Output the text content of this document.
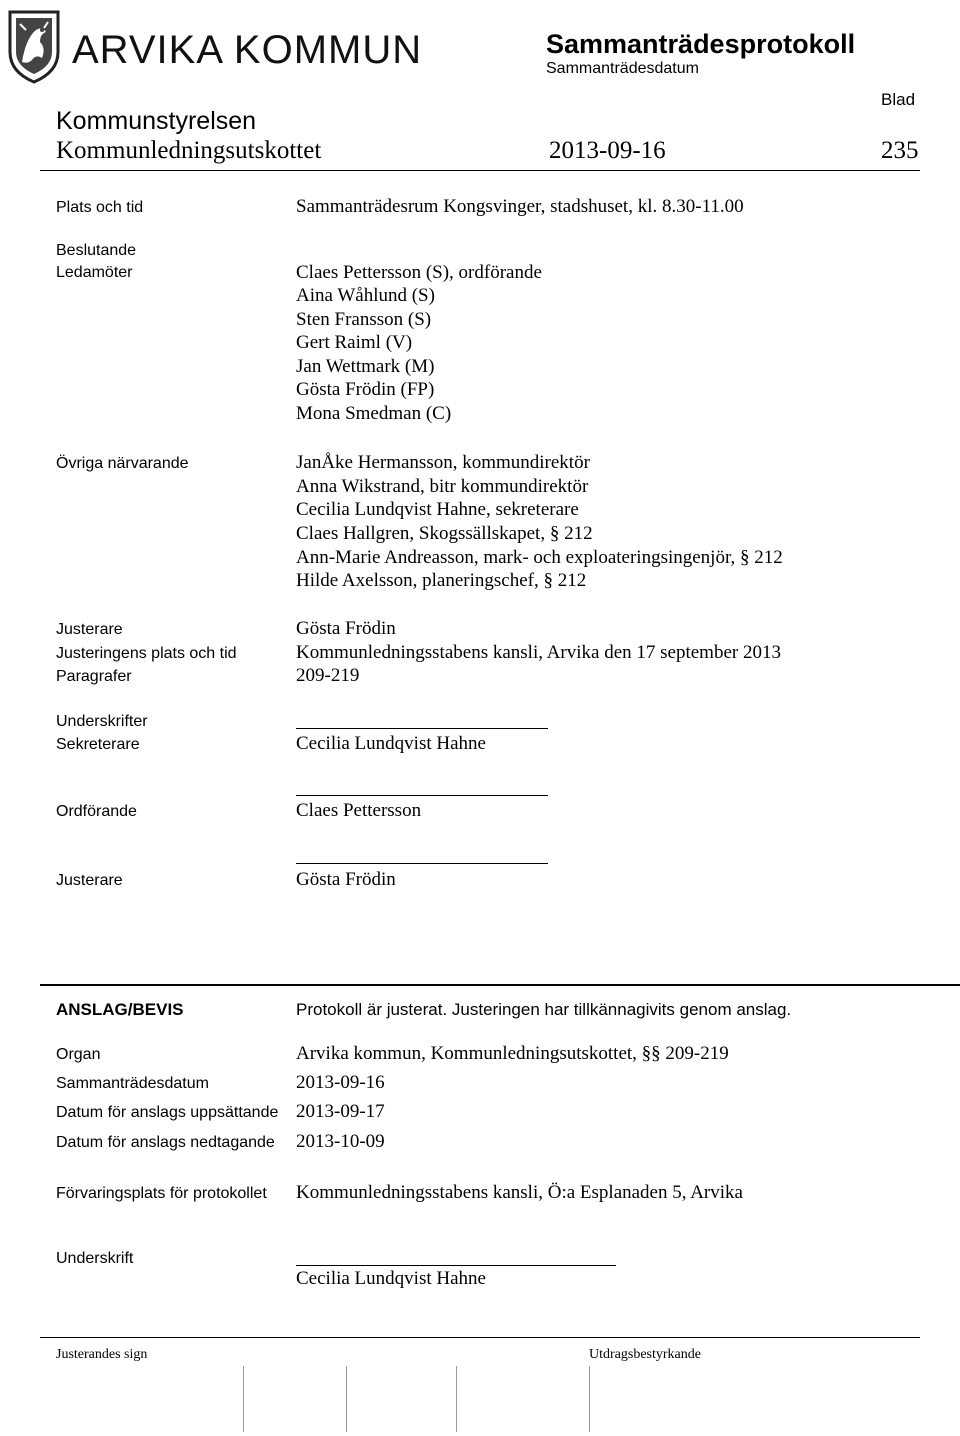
ARVIKA KOMMUN	Sammanträdesprotokoll
Sammanträdesdatum
Blad
Kommunstyrelsen
Kommunledningsutskottet	2013-09-16	235
Plats och tid	Sammanträdesrum Kongsvinger, stadshuset, kl. 8.30-11.00
Beslutande
Ledamöter	Claes Pettersson (S), ordförande
Aina Wåhlund (S)
Sten Fransson (S)
Gert Raiml (V)
Jan Wettmark (M)
Gösta Frödin (FP)
Mona Smedman (C)
Övriga närvarande	JanÅke Hermansson, kommundirektör
Anna Wikstrand, bitr kommundirektör
Cecilia Lundqvist Hahne, sekreterare
Claes Hallgren, Skogssällskapet, § 212
Ann-Marie Andreasson, mark- och exploateringsingenjör, § 212
Hilde Axelsson, planeringschef, § 212
Justerare	Gösta Frödin
Justeringens plats och tid	Kommunledningsstabens kansli, Arvika den 17 september 2013
Paragrafer	209-219
Underskrifter
Sekreterare	Cecilia Lundqvist Hahne
Ordförande	Claes Pettersson
Justerare	Gösta Frödin
ANSLAG/BEVIS	Protokoll är justerat. Justeringen har tillkännagivits genom anslag.
Organ	Arvika kommun, Kommunledningsutskottet, §§ 209-219
Sammanträdesdatum	2013-09-16
Datum för anslags uppsättande 2013-09-17
Datum för anslags nedtagande 2013-10-09
Förvaringsplats för protokollet Kommunledningsstabens kansli, Ö:a Esplanaden 5, Arvika
Underskrift
Cecilia Lundqvist Hahne
Justerandes sign	Utdragsbestyrkande
